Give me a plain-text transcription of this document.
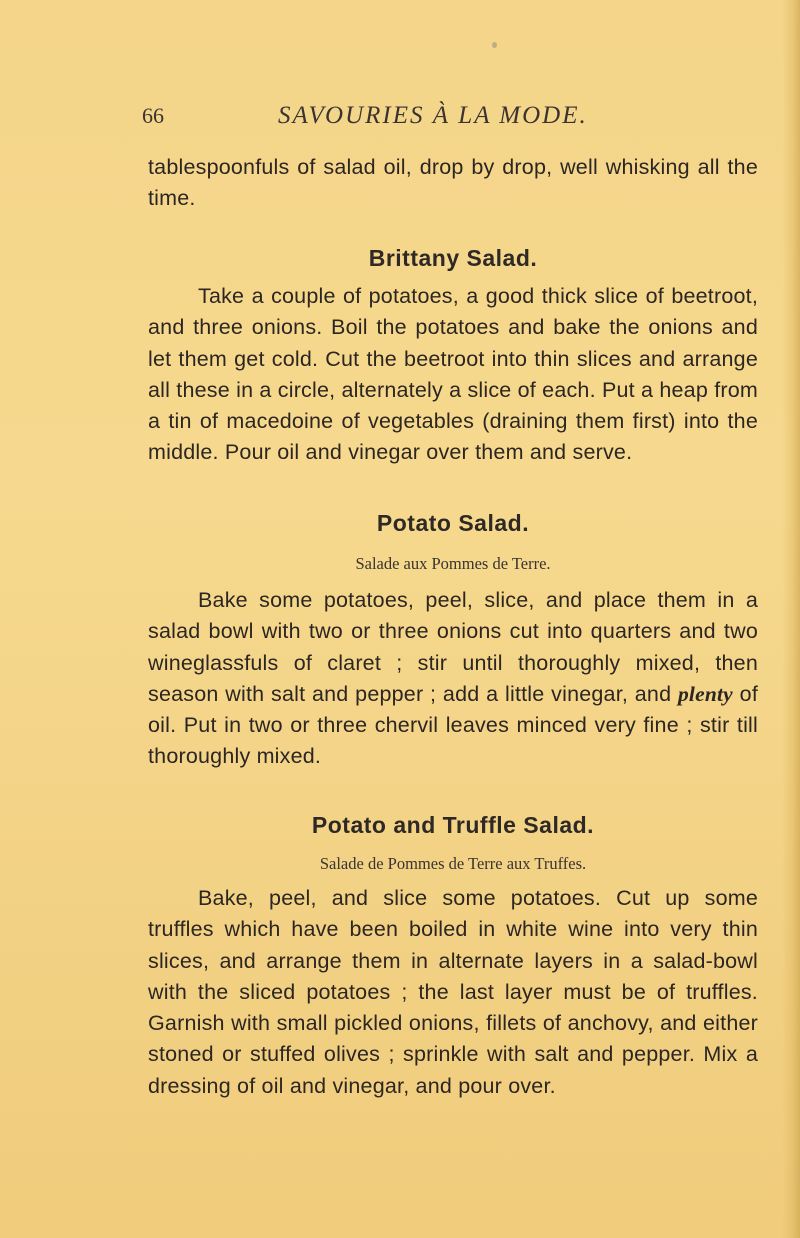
66	SAVOURIES À LA MODE.
tablespoonfuls of salad oil, drop by drop, well whisking all the time.
Brittany Salad.
Take a couple of potatoes, a good thick slice of beetroot, and three onions. Boil the potatoes and bake the onions and let them get cold. Cut the beetroot into thin slices and arrange all these in a circle, alternately a slice of each. Put a heap from a tin of macedoine of vegetables (draining them first) into the middle. Pour oil and vinegar over them and serve.
Potato Salad.
Salade aux Pommes de Terre.
Bake some potatoes, peel, slice, and place them in a salad bowl with two or three onions cut into quarters and two wineglassfuls of claret ; stir until thoroughly mixed, then season with salt and pepper ; add a little vinegar, and plenty of oil. Put in two or three chervil leaves minced very fine ; stir till thoroughly mixed.
Potato and Truffle Salad.
Salade de Pommes de Terre aux Truffes.
Bake, peel, and slice some potatoes. Cut up some truffles which have been boiled in white wine into very thin slices, and arrange them in alternate layers in a salad-bowl with the sliced potatoes ; the last layer must be of truffles. Garnish with small pickled onions, fillets of anchovy, and either stoned or stuffed olives ; sprinkle with salt and pepper. Mix a dressing of oil and vinegar, and pour over.
